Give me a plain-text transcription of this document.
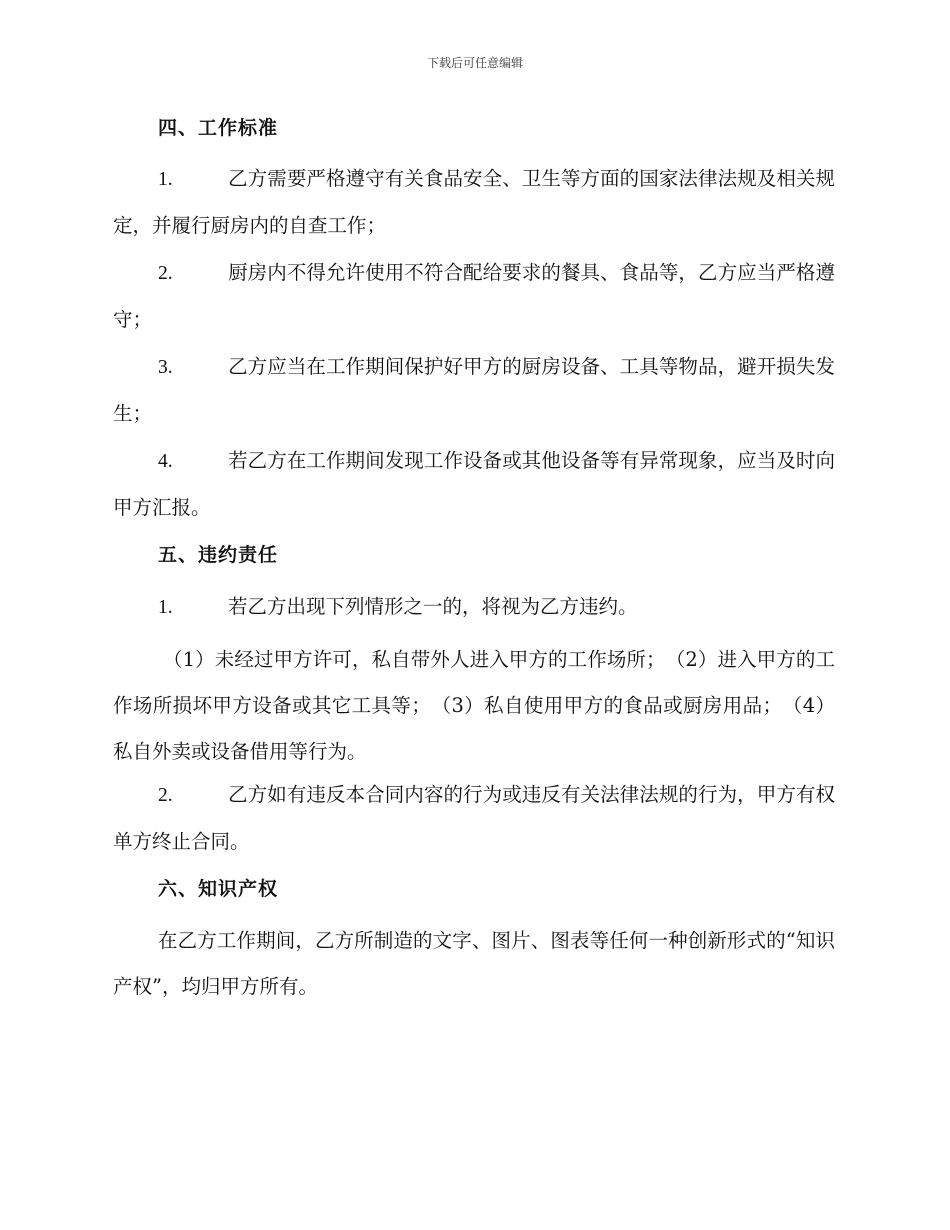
下载后可任意编辑
四、工作标准
1.	乙方需要严格遵守有关食品安全、卫生等方面的国家法律法规及相关规定，并履行厨房内的自查工作；
2.	厨房内不得允许使用不符合配给要求的餐具、食品等，乙方应当严格遵守；
3.	乙方应当在工作期间保护好甲方的厨房设备、工具等物品，避开损失发生；
4.	若乙方在工作期间发现工作设备或其他设备等有异常现象，应当及时向甲方汇报。
五、违约责任
1.	若乙方出现下列情形之一的，将视为乙方违约。
（1）未经过甲方许可，私自带外人进入甲方的工作场所；　（2）进入甲方的工作场所损坏甲方设备或其它工具等；　（3）私自使用甲方的食品或厨房用品；　（4）私自外卖或设备借用等行为。
2.	乙方如有违反本合同内容的行为或违反有关法律法规的行为，甲方有权单方终止合同。
六、知识产权
在乙方工作期间，乙方所制造的文字、图片、图表等任何一种创新形式的“知识产权”，均归甲方所有。
